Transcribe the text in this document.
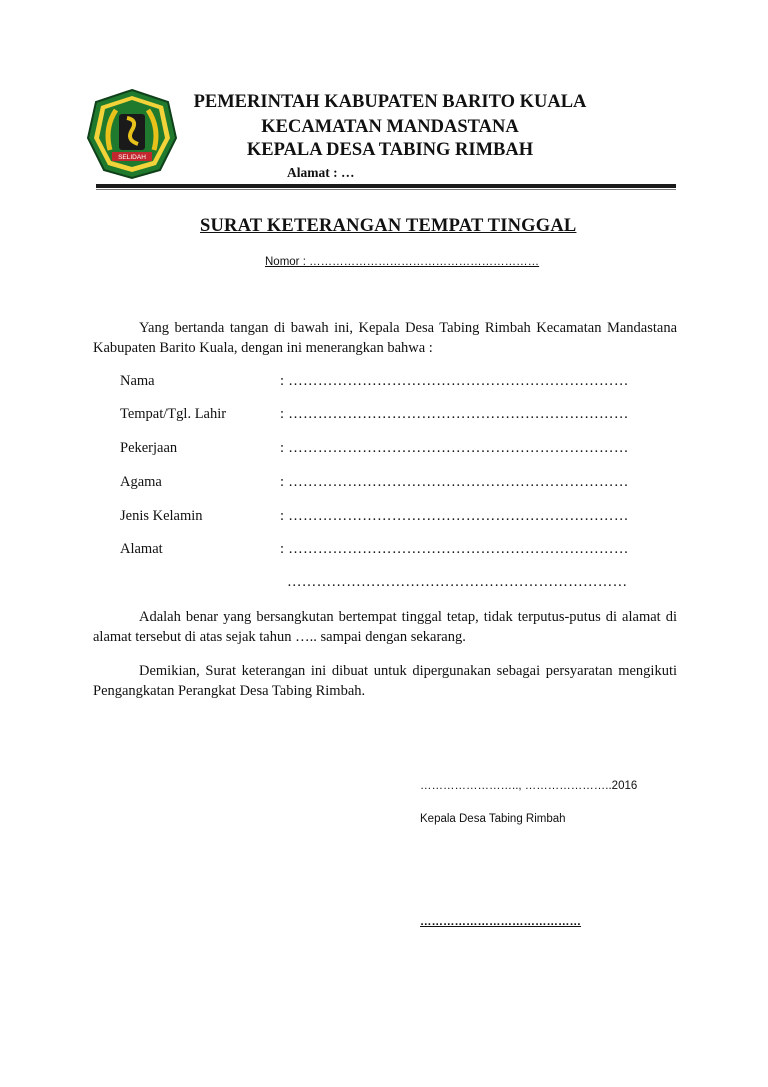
SELIDAH
PEMERINTAH KABUPATEN BARITO KUALA
KECAMATAN MANDASTANA
KEPALA DESA TABING RIMBAH
Alamat : …
SURAT KETERANGAN TEMPAT TINGGAL
Nomor : ……………………………………………………
Yang bertanda tangan di bawah ini, Kepala Desa Tabing Rimbah Kecamatan Mandastana Kabupaten Barito Kuala, dengan ini menerangkan bahwa :
Nama	: ……………………………………………………………
Tempat/Tgl. Lahir	: ……………………………………………………………
Pekerjaan	: ……………………………………………………………
Agama	: ……………………………………………………………
Jenis Kelamin	: ……………………………………………………………
Alamat	: ……………………………………………………………
……………………………………………………………
Adalah benar yang bersangkutan bertempat tinggal tetap, tidak terputus-putus di alamat di alamat tersebut di atas sejak tahun ….. sampai dengan sekarang.
Demikian, Surat keterangan ini dibuat untuk dipergunakan sebagai persyaratan mengikuti Pengangkatan Perangkat Desa Tabing Rimbah.
…………………….., …………………..2016
Kepala Desa Tabing Rimbah
……………………………………
